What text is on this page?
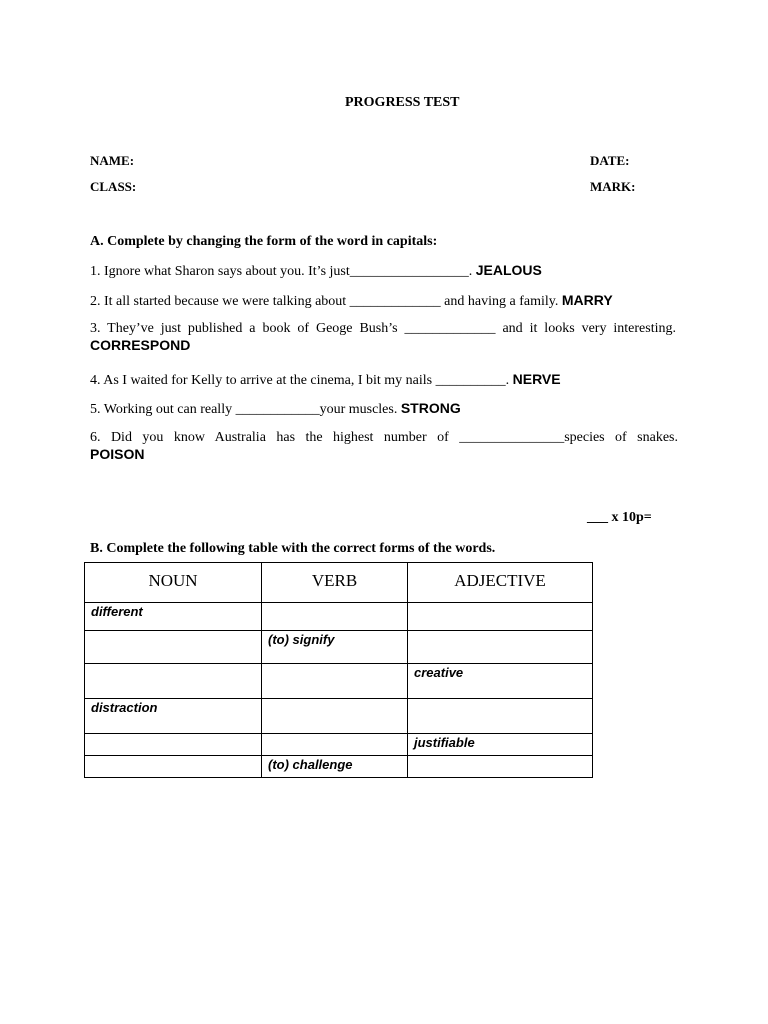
PROGRESS TEST
NAME:	DATE:
CLASS:	MARK:
A. Complete by changing the form of the word in capitals:
1. Ignore what Sharon says about you. It’s just_________________. JEALOUS
2. It all started because we were talking about _____________ and having a family. MARRY
3. They’ve just published a book of Geoge Bush’s _____________ and it looks very interesting.
CORRESPOND
4. As I waited for Kelly to arrive at the cinema, I bit my nails __________. NERVE
5. Working out can really ____________your muscles. STRONG
6. Did you know Australia has the highest number of _______________species of snakes.
POISON
___ x 10p=
B. Complete the following table with the correct forms of the words.
NOUN	VERB	ADJECTIVE

different		

	(to) signify	

		creative

distraction		

		justifiable

	(to) challenge	
